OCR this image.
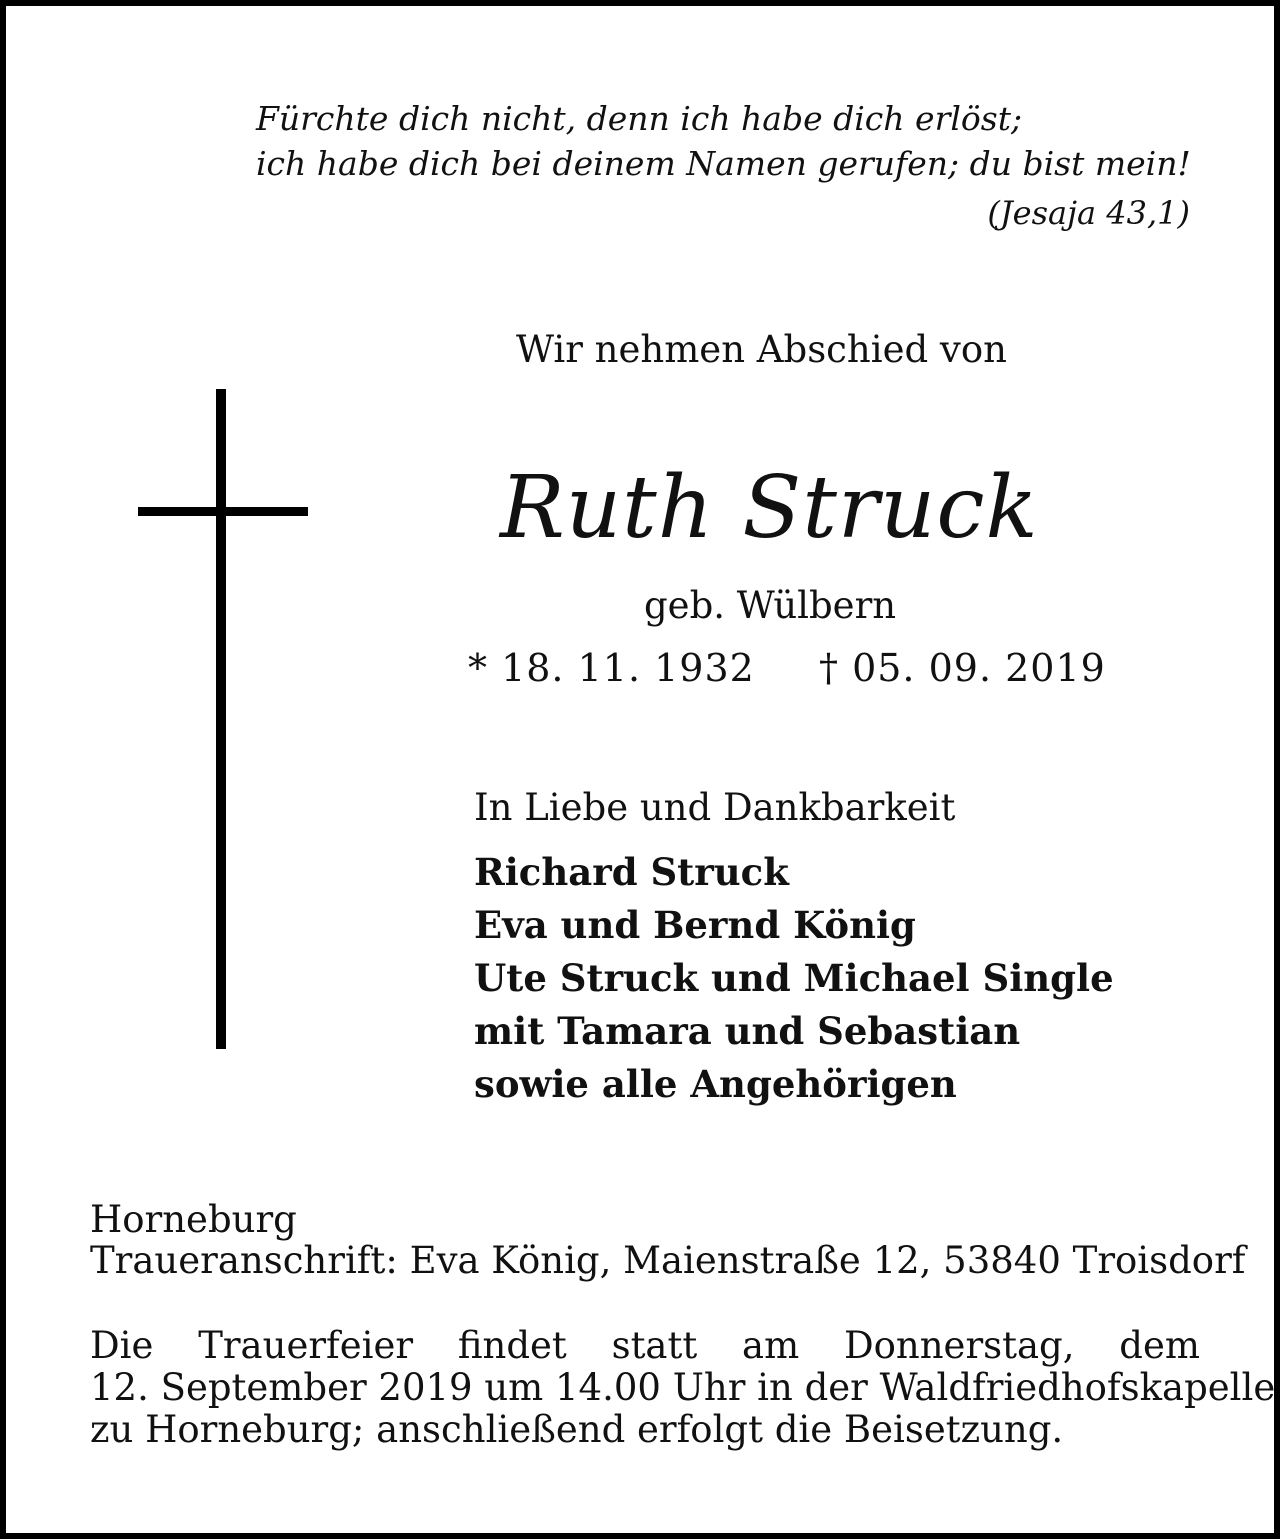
Fürchte dich nicht, denn ich habe dich erlöst;
ich habe dich bei deinem Namen gerufen; du bist mein!
(Jesaja 43,1)
Wir nehmen Abschied von
Ruth Struck
geb. Wülbern
* 18. 11. 1932 † 05. 09. 2019
In Liebe und Dankbarkeit
Richard Struck
Eva und Bernd König
Ute Struck und Michael Single
mit Tamara und Sebastian
sowie alle Angehörigen
Horneburg
Traueranschrift: Eva König, Maienstraße 12, 53840 Troisdorf
Die Trauerfeier findet statt am Donnerstag, dem
12. September 2019 um 14.00 Uhr in der Waldfriedhofskapelle
zu Horneburg; anschließend erfolgt die Beisetzung.
